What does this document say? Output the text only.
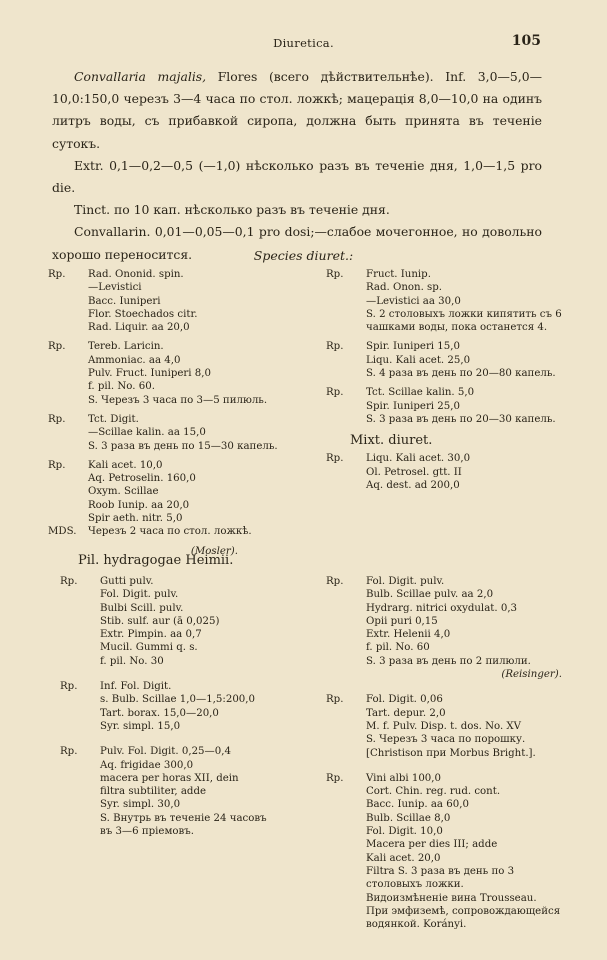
Diuretica.	105

Convallaria majalis, Flores (всего дѣйствительнѣе). Inf. 3,0—5,0—10,0:150,0 черезъ 3—4 часа по стол. ложкѣ; мацерація 8,0—10,0 на одинъ литръ воды, съ прибавкой сиропа, должна быть принята въ теченіе сутокъ.

Extr. 0,1—0,2—0,5 (—1,0) нѣсколько разъ въ теченіе дня, 1,0—1,5 pro die.

Tinct. по 10 кап. нѣсколько разъ въ теченіе дня.

Convallarin. 0,01—0,05—0,1 pro dosi;—слабое мочегонное, но довольно хорошо переносится.	Species diuret.:
Rp. Rad. Ononid. spin.
—Levistici
Bacc. Iuniperi
Flor. Stoechados citr.
Rad. Liquir. aa 20,0
Rp. Tereb. Laricin.
Ammoniac. aa 4,0
Pulv. Fruct. Iuniperi 8,0
f. pil. No. 60.
S. Черезъ 3 часа по 3—5 пилюль.
Rp. Tct. Digit.
—Scillae kalin. aa 15,0
S. 3 раза въ день по 15—30 капель.
Rp. Kali acet. 10,0
Aq. Petroselin. 160,0
Oxym. Scillae
Roob Iunip. aa 20,0
Spir aeth. nitr. 5,0
MDS. Черезъ 2 часа по стол. ложкѣ.
(Mosler).
Rp. Fruct. Iunip.
Rad. Onon. sp.
—Levistici aa 30,0
S. 2 столовыхъ ложки кипятить съ 6 чашками воды, пока останется 4.
Rp. Spir. Iuniperi 15,0
Liqu. Kali acet. 25,0
S. 4 раза въ день по 20—80 капель.
Rp. Tct. Scillae kalin. 5,0
Spir. Iuniperi 25,0
S. 3 раза въ день по 20—30 капель.
Mixt. diuret.
Rp. Liqu. Kali acet. 30,0
Ol. Petrosel. gtt. II
Aq. dest. ad 200,0
Pil. hydragogae Heimii.
Rp. Gutti pulv.
Fol. Digit. pulv.
Bulbi Scill. pulv.
Stib. sulf. aur (ā 0,025)
Extr. Pimpin. aa 0,7
Mucil. Gummi q. s.
f. pil. No. 30
Rp. Inf. Fol. Digit.
s. Bulb. Scillae 1,0—1,5:200,0
Tart. borax. 15,0—20,0
Syr. simpl. 15,0
Rp. Pulv. Fol. Digit. 0,25—0,4
Aq. frigidae 300,0
macera per horas XII, dein
filtra subtiliter, adde
Syr. simpl. 30,0
S. Внутрь въ теченіе 24 часовъ
въ 3—6 пріемовъ.
Rp. Fol. Digit. pulv.
Bulb. Scillae pulv. aa 2,0
Hydrarg. nitrici oxydulat. 0,3
Opii puri 0,15
Extr. Helenii 4,0
f. pil. No. 60
S. 3 раза въ день по 2 пилюли.
(Reisinger).
Rp. Fol. Digit. 0,06
Tart. depur. 2,0
M. f. Pulv. Disp. t. dos. No. XV
S. Черезъ 3 часа по порошку.
[Christison при Morbus Bright.].
Rp. Vini albi 100,0
Cort. Chin. reg. rud. cont.
Bacc. Iunip. aa 60,0
Bulb. Scillae 8,0
Fol. Digit. 10,0
Macera per dies III; adde
Kali acet. 20,0
Filtra S. 3 раза въ день по 3 столовыхъ ложки.
Видоизмѣненіе вина Trousseau.
При эмфиземѣ, сопровождающейся водянкой. Korányi.
